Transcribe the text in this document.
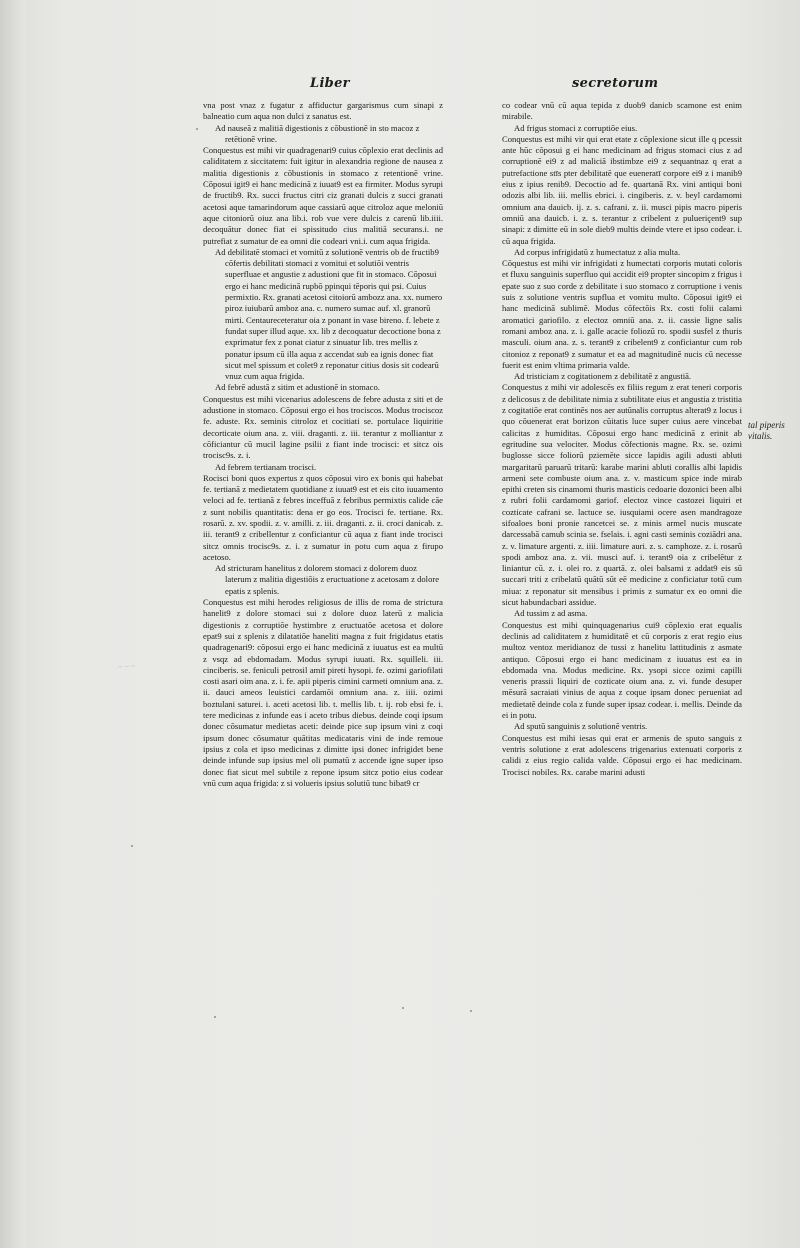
Liber	secretorum

vna post vnaz z fugatur z affiductur gargarismus cum sinapi z balneatio cum aqua non dulci z sanatus est.

Ad nauseā z malitiā digestionis z cōbustionē in sto macoz z retētionē vrine.

Conquestus est mihi vir quadragenari9 cuius cōplexio erat declinis ad caliditatem z siccitatem: fuit igitur in alexandria regione de nausea z malitia digestionis z cōbustionis in stomaco z retentionē vrine. Cōposui igit9 ei hanc medicinā z iuuat9 est ea firmiter. Modus syrupi de fructib9. Rx. succi fructus citri ciz granati dulcis z succi granati acetosi aque tamarindorum aque cassiarū aque citroloz aque meloniū aque citoniorū oiuz ana lib.i. rob vue vere dulcis z carenū lib.iiii. decoquātur donec fiat ei spissitudo cius malitiā securans.i. ne putrefiat z sumatur de ea omni die codeari vni.i. cum aqua frigida.

Ad debilitatē stomaci et vomitū z solutionē ventris ob de fructib9 cōfertis debilitati stomaci z vomitui et solutiōi ventris superfluae et angustie z adustioni que fit in stomaco. Cōposui ergo ei hanc medicinā rupbō ppinqui tēporis qui psi. Cuius permixtio. Rx. granati acetosi citoiorū ambozz ana. xx. numero piroz iuiubarū amboz ana. c. numero sumac auf. xl. granorū mirti. Centaureceteratur oia z ponant in vase bireno. f. lebete z fundat super illud aque. xx. lib z decoquatur decoctione bona z exprimatur fex z ponat ciatur z sinuatur lib. tres mellis z ponatur ipsum cū illa aqua z accendat sub ea ignis donec fiat sicut mel spissum et colet9 z reponatur citius dosis sit codearū vnuz cum aqua frigida.

Ad febrē adustā z sitim et adustionē in stomaco.

Conquestus est mihi vicenarius adolescens de febre adusta z siti et de adustione in stomaco. Cōposui ergo ei hos trociscos. Modus trociscoz fe. aduste. Rx. seminis citroloz et cocitiati se. portulace liquiritie decorticate oium ana. z. viii. draganti. z. iii. terantur z molliantur z cōficiantur cū mucil lagine psilii z fiant inde trocisci: et sitcz ois trocisc9s. z. i.

Ad febrem tertianam trocisci.

Rocisci boni quos expertus z quos cōposui viro ex bonis qui habebat fe. tertianā z medietatem quotidiane z iuuat9 est et eis cito iuuamento veloci ad fe. tertianā z febres inceffuā z febribus permixtis calide cāe z sunt nobilis quantitatis: dena er go eos. Trocisci fe. tertiane. Rx. rosarū. z. xv. spodii. z. v. amilli. z. iii. draganti. z. ii. croci danicab. z. iii. terant9 z cribellentur z conficiantur cū aqua z fiant inde trocisci sitcz omnis trocisc9s. z. i. z sumatur in potu cum aqua z firupo acetoso.

Ad stricturam hanelitus z dolorem stomaci z dolorem duoz laterum z malitia digestiōis z eructuatione z acetosam z dolore epatis z splenis.

Conquestus est mihi herodes religiosus de illis de roma de strictura hanelit9 z dolore stomaci sui z dolore duoz laterū z malicia digestionis z corruptiōe hystimbre z eructuatōe acetosa et dolore epat9 sui z splenis z dilatatiōe haneliti magna z fuit frigidatus etatis quadragenari9: cōposui ergo ei hanc medicinā z iuuatus est ea multū z vsqz ad ebdomadam. Modus syrupi iuuati. Rx. squilleli. iii. cinciberis. se. feniculi petrosil amiī pireti hysopi. fe. ozimi gariofilati costi asari oim ana. z. i. fe. apii piperis cimini carmeti omnium ana. z. ii. dauci ameos leuistici cardamōi omnium ana. z. iiii. ozimi boztulani saturei. i. aceti acetosi lib. t. mellis lib. t. ij. rob ebsi fe. i. tere medicinas z infunde eas i aceto tribus diebus. deinde coqi ipsum donec cōsumatur medietas aceti: deinde pice sup ipsum vini z coqi ipsum donec cōsumatur quātitas medicataris vini de inde remoue ipsius z cola et ipso medicinas z dimitte ipsi donec infrigidet bene deinde infunde sup ipsius mel oli pumatū z accende igne super ipso donec fiat sicut mel subtile z repone ipsum sitcz potio eius codear vnū cum aqua frigida: z si volueris ipsius solutiū tunc bibat9 cr

co codear vnū cū aqua tepida z duob9 danicb scamone est enim mirabile.

Ad frigus stomaci z corruptiōe eius.

Conquestus est mihi vir qui erat etate z cōplexione sicut ille q pcessit ante hūc cōposui g ei hanc medicinam ad frigus stomaci cius z ad corruptionē ei9 z ad maliciā ibstimbze ei9 z sequantnaz q erat a putrefactione stīs pter debilitatē que eueneratī corpore ei9 z i manib9 eius z ipius renib9. Decoctio ad fe. quartanā Rx. vini antiqui boni odozis albi lib. iii. mellis ebrici. i. cingiberis. z. v. beyl cardamomi omnium ana dauicb. ij. z. s. cafrani. z. ii. musci pipis macro piperis omniū ana dauicb. i. z. s. terantur z cribelent z pulueriçent9 sup sinapi: z dimitte eū in sole dieb9 multis deinde vtere et ipso codear. i. cū aqua frigida.

Ad corpus infrigidatū z humectatuz z alia multa.

Cōquestus est mihi vir infrigidati z humectati corporis mutati coloris et fluxu sanguinis superfluo qui accidit ei9 propter sincopim z frigus i epate suo z suo corde z debilitate i suo stomaco z corruptione i venis suis z solutione ventris supflua et vomitu multo. Cōposui igit9 ei hanc medicinā sublimē. Modus cōfectōis Rx. costi folii calami aromatici gariofilo. z electoz omniū ana. z. ii. cassie ligne salis romani amboz ana. z. i. galle acacie foliozū ro. spodii susfel z thuris masculi. oium ana. z. s. terant9 z cribelent9 z conficiantur cum rob citonioz z reponat9 z sumatur et ea ad magnitudinē nucis cū necesse fuerit est enim vltima primaria valde.

Ad tristiciam z cogitationem z debilitatē z angustiā.

Conquestus z mihi vir adolescēs ex filiis regum z erat teneri corporis z delicosus z de debilitate nimia z subtilitate eius et angustia z tristitia z cogitatiōe erat continēs nos aer autūnalis corruptus alterat9 z locus i quo cōuenerat erat borizon cūitatis luce super cuius aere vincebat calicitas z humiditas. Cōposui ergo hanc medicinā z erinit ab egritudine sua velociter. Modus cōfectionis magne. Rx. se. ozimi buglosse sicce foliorū pziemēte sicce lapidis agili adusti abluti margaritarū paruarū tritarū: karabe marini abluti corallis albi lapidis armeni sete combuste oium ana. z. v. masticum spice inde mirab epithi creten sis cinamomi thuris masticis cedoarie dozonici been albi z rubri folii cardamomi gariof. electoz vince castozei liquiri et cozticate cafrani se. lactuce se. iusquiami ocere asen mandragoze sifoaloes boni pronie rancetcei se. z minis armel nucis muscate darcessabā camub scinia se. fselais. i. agni casti seminis coziādri ana. z. v. limature argenti. z. iiii. limature auri. z. s. camphoze. z. i. rosarū spodi amboz ana. z. vii. musci auf. i. terant9 oia z cribelētur z liniantur cū. z. i. olei ro. z quartā. z. olei balsami z addat9 eis sū succari triti z cribelatū quātū sūt eē medicine z conficiatur totū cum miua: z reponatur sit mensibus i primis z sumatur ex eo omni die sicut habundacbari assidue.

Ad tussim z ad asma.

Conquestus est mihi quinquagenarius cui9 cōplexio erat equalis declinis ad caliditatem z humiditatē et cū corporis z erat regio eius multoz ventoz meridianoz de tussi z hanelitu lattitudinis z asmate antiquo. Cōposui ergo ei hanc medicinam z iuuatus est ea in ebdomada vna. Modus medicine. Rx. ysopi sicce ozimi capilli veneris prassii liquiri de cozticate oium ana. z. vi. funde desuper mēsurā sacraiati vinius de aqua z coque ipsam donec perueniat ad medietatē deinde cola z funde super ipsaz codear. i. mellis. Deinde da ei in potu.

Ad sputū sanguinis z solutionē ventris.

Conquestus est mihi iesas qui erat er armenis de sputo sanguis z ventris solutione z erat adolescens trigenarius extenuati corporis z calidi z eius regio calida valde. Cōposui ergo ei hac medicinam. Trocisci nobiles. Rx. carabe marini adusti

tal piperis vitalis.
~ ~ ~
